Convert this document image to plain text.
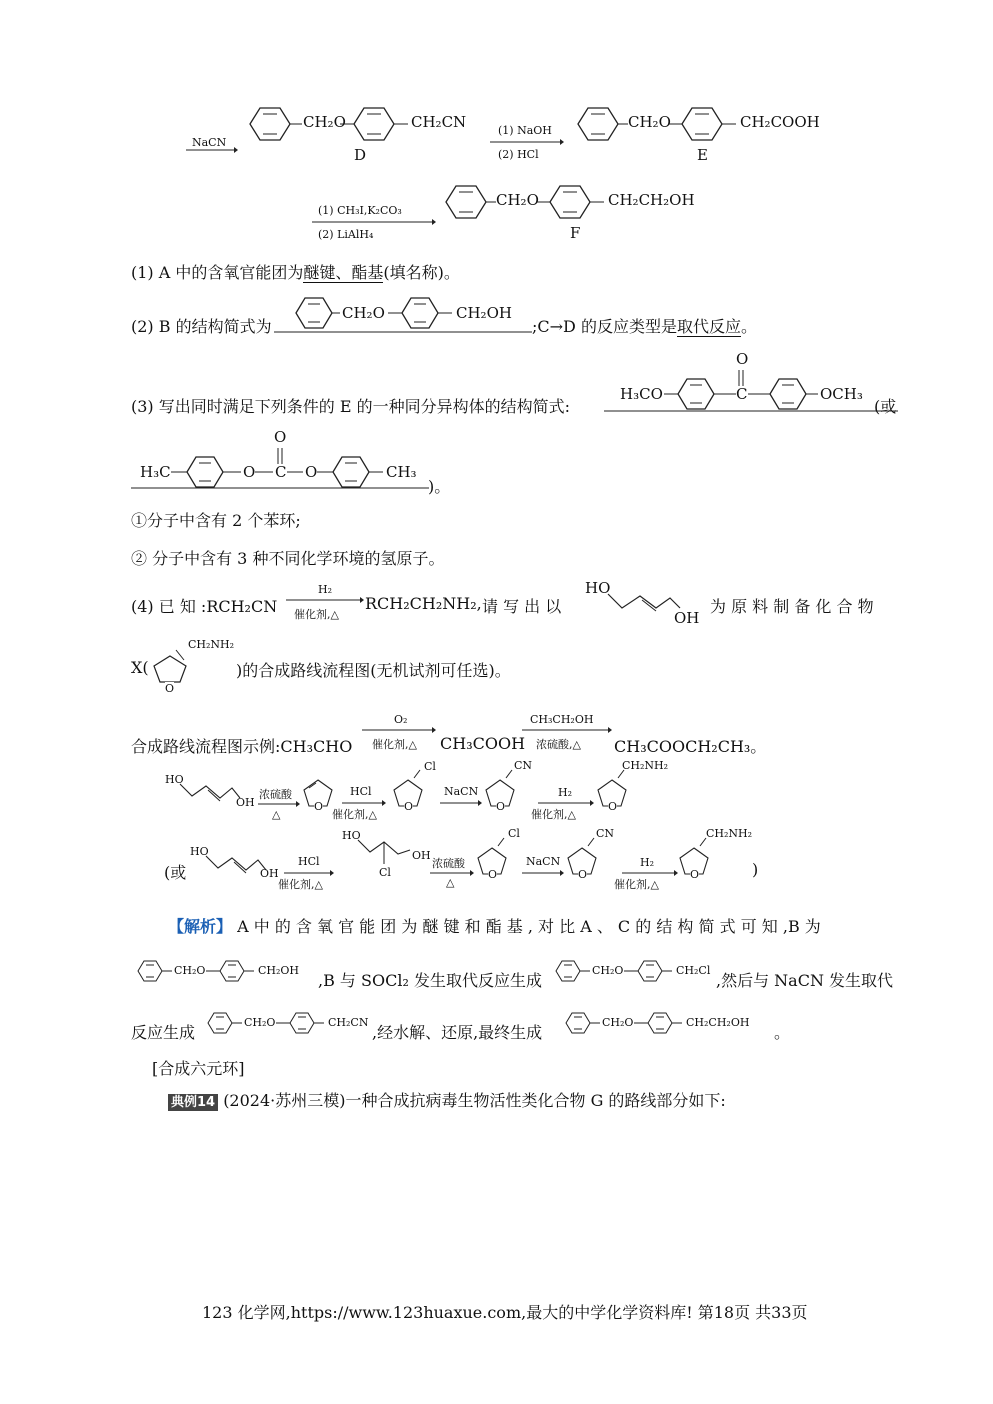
NaCN
CH₂O	CH₂CN
D
(1) NaOH
(2) HCl
CH₂O	CH₂COOH
E
(1) CH₃I,K₂CO₃
(2) LiAlH₄
CH₂O	CH₂CH₂OH
F
(1) A 中的含氧官能团为醚键、酯基(填名称)。
(2) B 的结构简式为
CH₂O	CH₂OH
;C→D 的反应类型是取代反应。
(3) 写出同时满足下列条件的 E 的一种同分异构体的结构简式:
H₃CO
O
C	OCH₃
(或
H₃C
O
O C O	CH₃
)。
①分子中含有 2 个苯环;
② 分子中含有 3 种不同化学环境的氢原子。
(4) 已 知 :RCH₂CN
H₂
催化剂,△
RCH₂CH₂NH₂, 请 写 出 以
HO
OH
为 原 料 制 备 化 合 物
X(
CH₂NH₂
O
)的合成路线流程图(无机试剂可任选)。
合成路线流程图示例:CH₃CHO
O₂
催化剂,△ CH₃COOH
CH₃CH₂OH
浓硫酸,△ CH₃COOCH₂CH₃。
HO
OH
浓硫酸
△
O
HCl
催化剂,△
Cl
O
NaCN
CN
O
H₂
催化剂,△
CH₂NH₂
O
(或
HO
OH
HCl
催化剂,△
HO
OH
Cl
浓硫酸
△
Cl
O
NaCN
CN
O
H₂
催化剂,△
CH₂NH₂
O	)
【解析】 A 中 的 含 氧 官 能 团 为 醚 键 和 酯 基 , 对 比 A 、 C 的 结 构 简 式 可 知 ,B 为
CH₂O	CH₂OH
,B 与 SOCl₂ 发生取代反应生成
CH₂O	CH₂Cl
,然后与 NaCN 发生取代
反应生成
CH₂O	CH₂CN
,经水解、还原,最终生成
CH₂O	CH₂CH₂OH
。
[合成六元环]
典例14 (2024·苏州三模)一种合成抗病毒生物活性类化合物 G 的路线部分如下:
123 化学网,https://www.123huaxue.com,最大的中学化学资料库! 第18页 共33页
